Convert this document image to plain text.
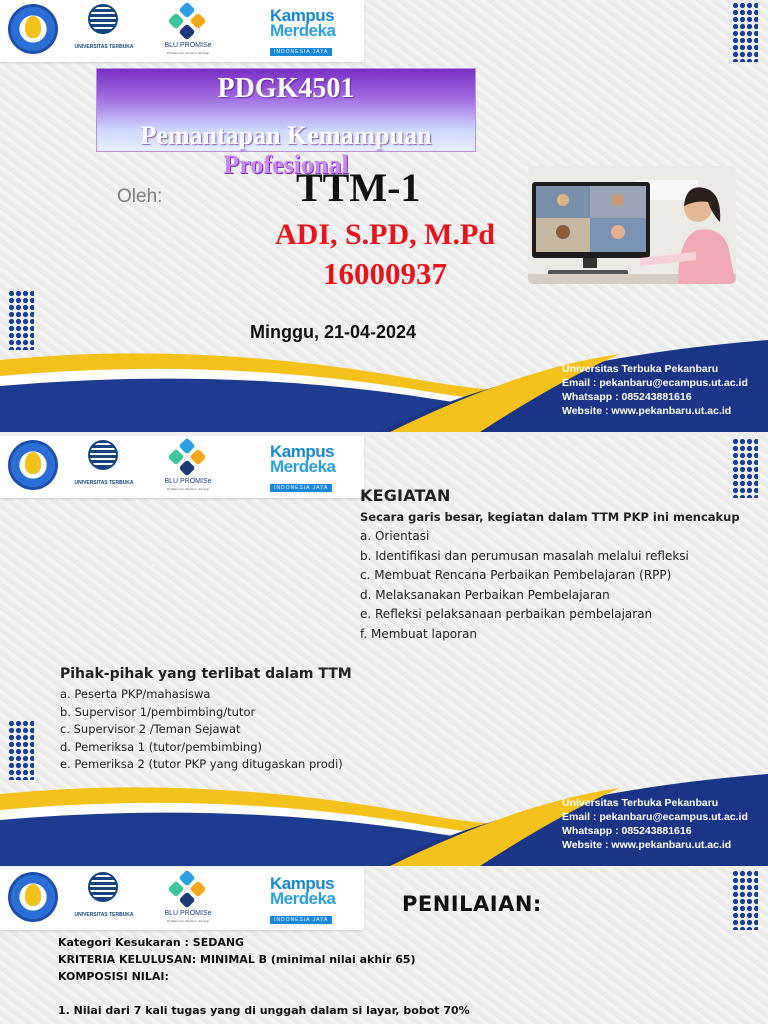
UNIVERSITAS TERBUKA	BLU PROMISe
Profesional, Modern, Sinergi
Kampus
Merdeka
INDONESIA JAYA
PDGK4501
Pemantapan Kemampuan
Profesional
Oleh:	TTM-1
ADI, S.PD, M.Pd
16000937
Minggu, 21-04-2024
Universitas Terbuka Pekanbaru
Email : pekanbaru@ecampus.ut.ac.id
Whatsapp : 085243881616
Website : www.pekanbaru.ut.ac.id
UNIVERSITAS TERBUKA	BLU PROMISe
Profesional, Modern, Sinergi
Kampus
Merdeka
INDONESIA JAYA	KEGIATAN
Secara garis besar, kegiatan dalam TTM PKP ini mencakup
a. Orientasi
b. Identifikasi dan perumusan masalah melalui refleksi
c. Membuat Rencana Perbaikan Pembelajaran (RPP)
d. Melaksanakan Perbaikan Pembelajaran
e. Refleksi pelaksanaan perbaikan pembelajaran
f. Membuat laporan
Pihak-pihak yang terlibat dalam TTM
a. Peserta PKP/mahasiswa
b. Supervisor 1/pembimbing/tutor
c. Supervisor 2 /Teman Sejawat
d. Pemeriksa 1 (tutor/pembimbing)
e. Pemeriksa 2 (tutor PKP yang ditugaskan prodi)
Universitas Terbuka Pekanbaru
Email : pekanbaru@ecampus.ut.ac.id
Whatsapp : 085243881616
Website : www.pekanbaru.ut.ac.id
UNIVERSITAS TERBUKA	BLU PROMISe
Profesional, Modern, Sinergi
Kampus
Merdeka
INDONESIA JAYA
PENILAIAN:
Kategori Kesukaran : SEDANG
KRITERIA KELULUSAN: MINIMAL B (minimal nilai akhir 65)
KOMPOSISI NILAI:
1. Nilai dari 7 kali tugas yang di unggah dalam si layar, bobot 70%
